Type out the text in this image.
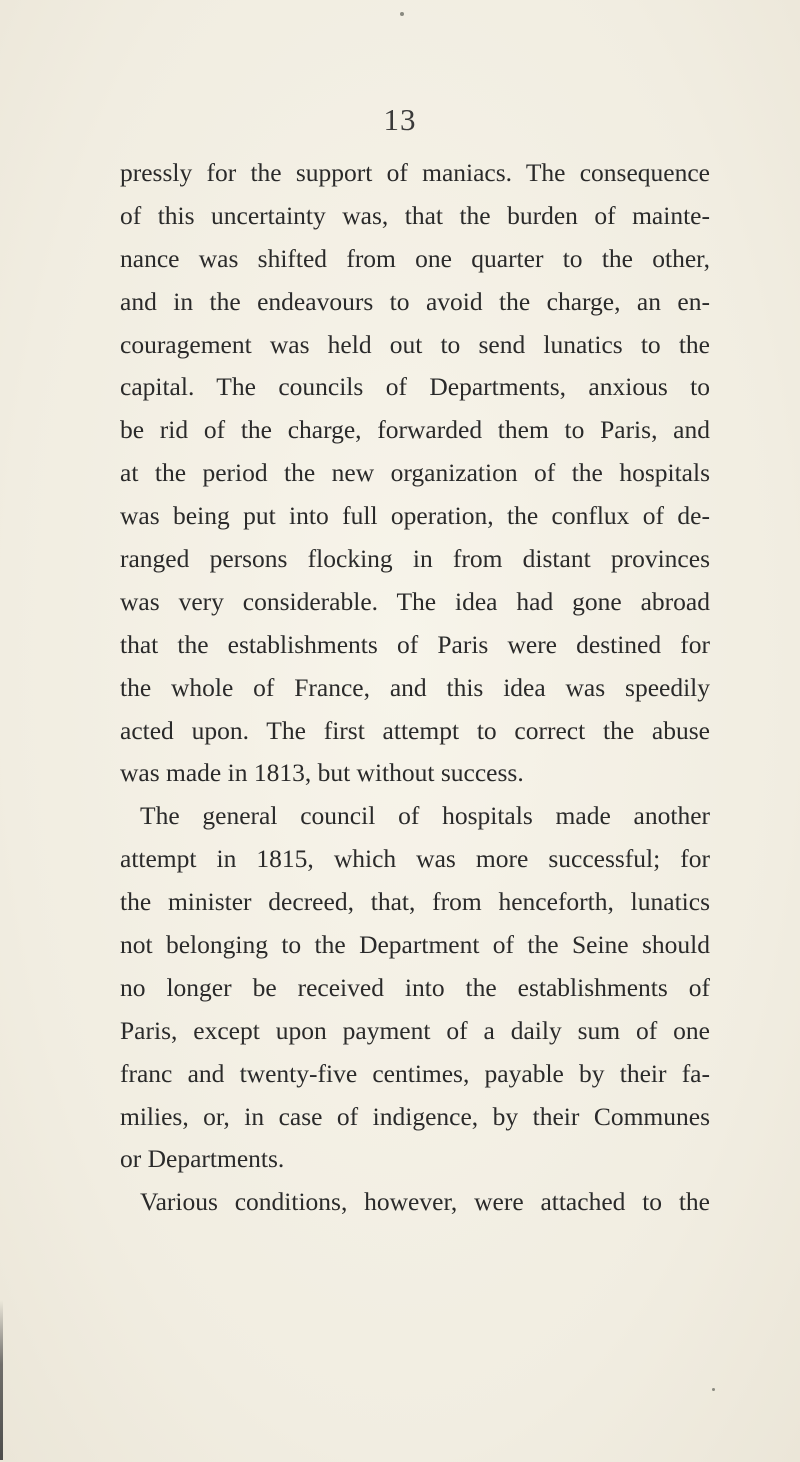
13
pressly for the support of maniacs. The consequence
of this uncertainty was, that the burden of mainte-
nance was shifted from one quarter to the other,
and in the endeavours to avoid the charge, an en-
couragement was held out to send lunatics to the
capital. The councils of Departments, anxious to
be rid of the charge, forwarded them to Paris, and
at the period the new organization of the hospitals
was being put into full operation, the conflux of de-
ranged persons flocking in from distant provinces
was very considerable. The idea had gone abroad
that the establishments of Paris were destined for
the whole of France, and this idea was speedily
acted upon. The first attempt to correct the abuse
was made in 1813, but without success.
The general council of hospitals made another
attempt in 1815, which was more successful; for
the minister decreed, that, from henceforth, lunatics
not belonging to the Department of the Seine should
no longer be received into the establishments of
Paris, except upon payment of a daily sum of one
franc and twenty-five centimes, payable by their fa-
milies, or, in case of indigence, by their Communes
or Departments.
Various conditions, however, were attached to the
